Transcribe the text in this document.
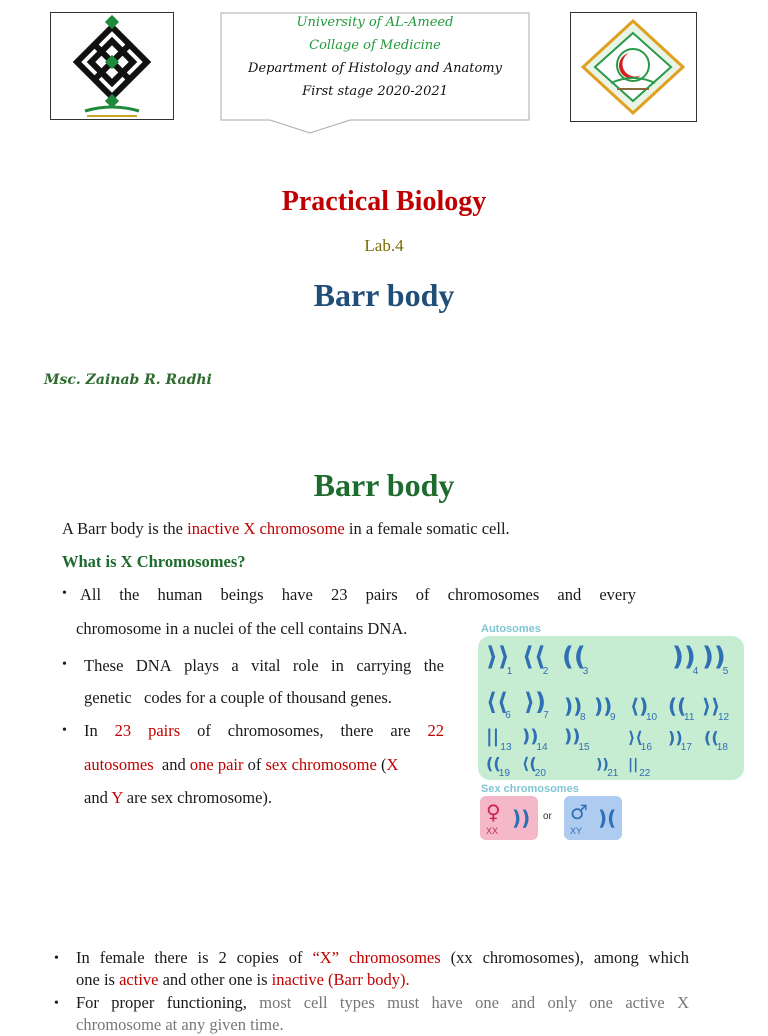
University of AL-Ameed
Collage of Medicine
Department of Histology and Anatomy
First stage 2020-2021
Practical Biology
Lab.4
Barr body
Msc. Zainab R. Radhi
Barr body
A Barr body is the inactive X chromosome in a female somatic cell.
What is X Chromosomes?
• All the human beings have 23 pairs of chromosomes and every
chromosome in a nuclei of the cell contains DNA.
• These DNA plays a vital role in carrying the
genetic   codes for a couple of thousand genes.
• In 23 pairs of chromosomes, there are 22
autosomes and one pair of sex chromosome (X
and Y are sex chromosome).
Autosomes
⟩⟩
1 ⟨⟨
2 ((
3	))
4 ))
5
⟨⟨
6 ⟩)
7 ))
8 ))
9 ⟨)
10 ((
11 ⟩⟩
12
||
13
))
14
))
15
⟩⟨
16
))
17
((
18
((
19
⟨(
20
))
21
||
22
Sex chromosomes
♀ ))
XX
or ♂ )(
XY
• In female there is 2 copies of “X” chromosomes (xx chromosomes), among which
one is active and other one is inactive (Barr body).
• For proper functioning, most cell types must have one and only one active X
chromosome at any given time.
